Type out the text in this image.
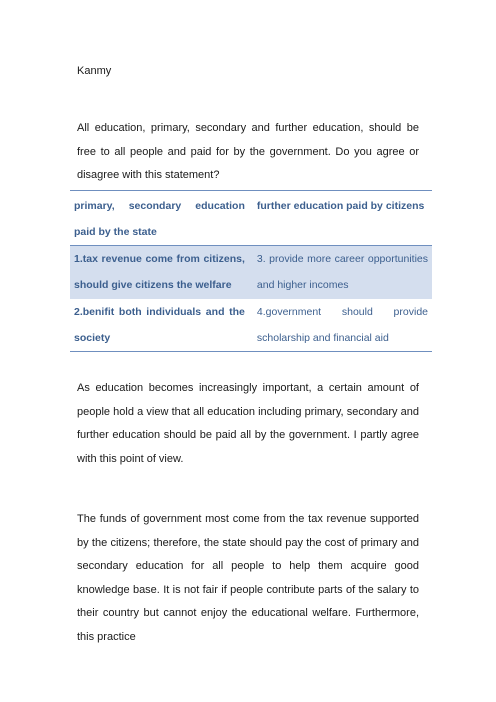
Kanmy
All education, primary, secondary and further education, should be free to all people and paid for by the government. Do you agree or disagree with this statement?
primary, secondary education paid by the state	further education paid by citizens
1.tax revenue come from citizens, should give citizens the welfare	3. provide more career opportunities and higher incomes
2.benifit both individuals and the society	4.government should provide scholarship and financial aid
As education becomes increasingly important, a certain amount of people hold a view that all education including primary, secondary and further education should be paid all by the government. I partly agree with this point of view.
The funds of government most come from the tax revenue supported by the citizens; therefore, the state should pay the cost of primary and secondary education for all people to help them acquire good knowledge base. It is not fair if people contribute parts of the salary to their country but cannot enjoy the educational welfare. Furthermore, this practice
